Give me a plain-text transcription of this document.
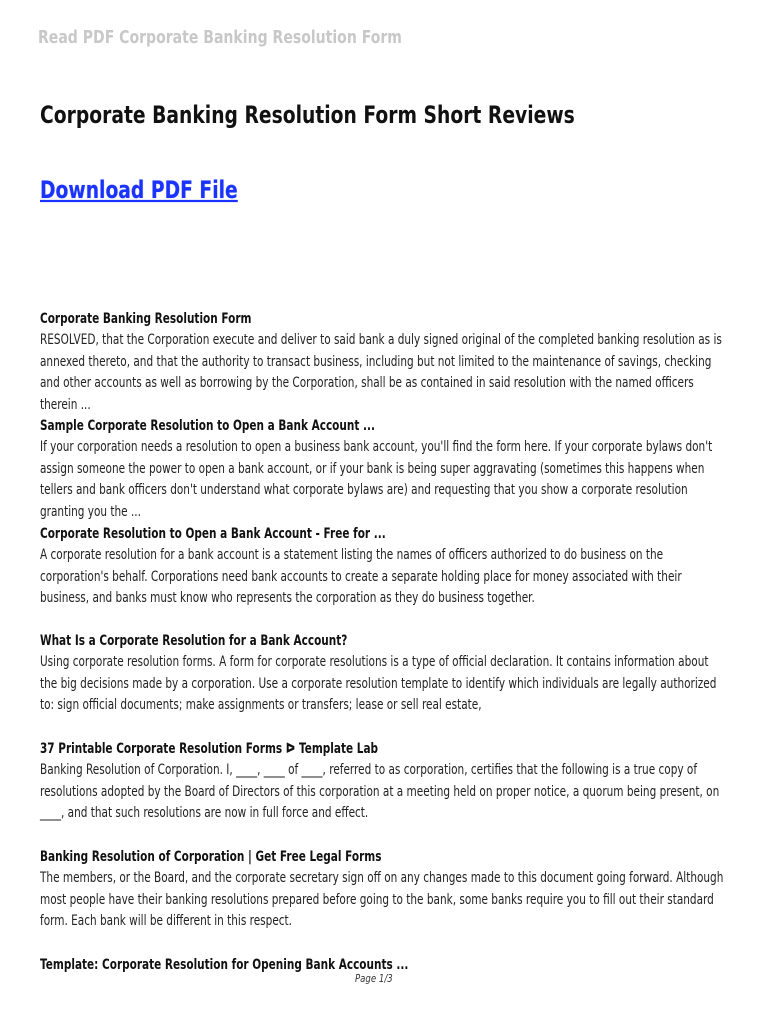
Read PDF Corporate Banking Resolution Form
Corporate Banking Resolution Form Short Reviews
Download PDF File
Corporate Banking Resolution Form
RESOLVED, that the Corporation execute and deliver to said bank a duly signed original of the completed banking resolution as is annexed thereto, and that the authority to transact business, including but not limited to the maintenance of savings, checking and other accounts as well as borrowing by the Corporation, shall be as contained in said resolution with the named officers therein ...
Sample Corporate Resolution to Open a Bank Account ...
If your corporation needs a resolution to open a business bank account, you'll find the form here. If your corporate bylaws don't assign someone the power to open a bank account, or if your bank is being super aggravating (sometimes this happens when tellers and bank officers don't understand what corporate bylaws are) and requesting that you show a corporate resolution granting you the ...
Corporate Resolution to Open a Bank Account - Free for ...
A corporate resolution for a bank account is a statement listing the names of officers authorized to do business on the corporation's behalf. Corporations need bank accounts to create a separate holding place for money associated with their business, and banks must know who represents the corporation as they do business together.
What Is a Corporate Resolution for a Bank Account?
Using corporate resolution forms. A form for corporate resolutions is a type of official declaration. It contains information about the big decisions made by a corporation. Use a corporate resolution template to identify which individuals are legally authorized to: sign official documents; make assignments or transfers; lease or sell real estate,
37 Printable Corporate Resolution Forms ᐅ Template Lab
Banking Resolution of Corporation. I, ____, ____ of ____, referred to as corporation, certifies that the following is a true copy of resolutions adopted by the Board of Directors of this corporation at a meeting held on proper notice, a quorum being present, on ____, and that such resolutions are now in full force and effect.
Banking Resolution of Corporation | Get Free Legal Forms
The members, or the Board, and the corporate secretary sign off on any changes made to this document going forward. Although most people have their banking resolutions prepared before going to the bank, some banks require you to fill out their standard form. Each bank will be different in this respect.
Template: Corporate Resolution for Opening Bank Accounts ...
Page 1/3
